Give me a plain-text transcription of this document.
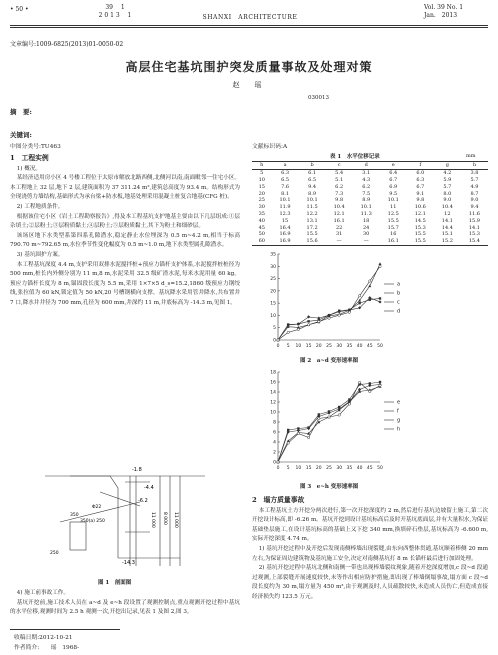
• 50 •	39　 1
2 0 1 3　 1	SHANXI　ARCHITECTURE
Vol. 39 No. 1
Jan.　2013
文章编号:1009-6825(2013)01-0050-02
高层住宅基坑围护突发质量事故及处理对策
赵　瑶
030013
摘　要:
关键词:
中图分类号:TU463	文献标识码:A
1　工程实例
1) 概况。

某经济适用房小区 4 号楼工程位于太原市解放北路西侧,北侧河以南,南面毗邻一住宅小区。本工程地上 32 层,地下 2 层,建筑面积为 37 311.24 m²,建筑总高度为 93.4 m。结构形式为全现浇剪力墙结构,基础形式为承台梁+防水板,地基处理采用混凝土桩复合地基(CFG 桩)。

2) 工程地质条件。

根据该住宅小区《岩土工程勘察报告》,得及本工程基坑支护地基主要由以下几层组成:①层杂填土;②层粉土;③层粉质黏土;④层粉土;⑤层粉质黏土,其下为粉土和细砂层。

该场区地下水类型系第四系孔隙潜水,稳定静止水位埋深为 0.5 m~4.2 m,相当于标高 790.70 m~792.65 m,水位季节性变化幅度为 0.5 m~1.0 m,地下水类型属孔隙潜水。

3) 基坑围护方案。

本工程基坑深度 4.4 m,支护采用双排水泥搅拌桩+预应力锚杆支护体系,水泥搅拌桩桩径为 500 mm,桩长内外侧分别为 11 m,8 m,水泥采用 32.5 级矿渣水泥,每米水泥用量 60 kg。预应力锚杆长度为 8 m,锚固段长度为 5.5 m,采用 1×7×5 d_s=15.2,1860 级预应力钢绞线,张拉值为 60 kN,锁定值为 50 kN,20 号槽钢横向支撑。基坑降水采用管井降水,共布置井 7 口,降水井井径为 700 mm,孔径为 600 mm,井深约 11 m,井底标高为 -14.3 m,见图 1。

-1.8
-4.4
-6.2
-14.3
350
Φ22
350(a) 250
250
11 000 8 000 11 000
图 1　剖面图
4) 施工前事故工作。

基坑开挖前,施工技术人员在 a~d 及 e~h 段设置了观测控制点,重点观测开挖过程中基坑的水平位移,观测时间为 2.5 h 观测一次,开挖出记录,见表 1 及图 2,图 3。

收稿日期:2012-10-21
作者简介:　　瑶　1968-
表 1　水平位移记录	mm
h	a	b	c	d	e	f	g	h
5	6.3	6.1	5.4	3.1	6.4	6.0	4.2	3.8
10	6.5	6.5	5.1	4.3	6.7	6.3	5.9	5.7
15	7.6	9.4	6.2	6.2	6.9	6.7	5.7	4.9
20	8.1	8.9	7.3	7.5	9.5	9.1	8.0	8.7
25	10.1	10.1	9.8	8.9	10.1	9.8	9.0	9.0
30	11.9	11.5	10.4	10.1	11	10.6	10.4	9.4
35	12.3	12.2	12.1	11.3	12.5	12.1	12	11.6
40	15	13.1	16.1	18	15.5	14.5	14.1	15.9
45	16.4	17.2	22	24	15.7	15.3	14.4	14.1
50	16.9	15.5	31	30	16	15.5	15.1	15.3
60	16.9	15.6	—	—	16.1	15.5	15.2	15.4
0
5
10
15
20
25
30
35
0 5 10 15 20 25 30 35 40 45 50
a
b
c
d
图 2　a~d 变形速率图
0
2
4
6
8
10
12
14
16
18
0 5 10 15 20 25 30 35 40 45 50
e
f
g
h
图 3　e~h 变形速率图
2　塌方质量事故

本工程基坑土方开挖分两次进行,第一次开挖深度约 2 m,然后进行基坑边坡留土施工,第二次开挖设计标高,即 -6.26 m。基坑开挖到设计基坑标高后及时开基坑底面层,并有大量积水,为保证基础垫层施工,在设计基坑标高的基础上又下挖 340 mm,换填碎石垫层,基坑标高为 -6.600 m,实际开挖深度 4.74 m。

1) 基坑开挖过程中及开挖后发现南侧棒墙出现裂缝,由东向西整体贯通,基坑顺着棒侧 20 mm 左右,为保证周边建筑物及基坑施工安全,决定对南侧基坑打 8 m 长锚杆最后进行加固处理。

2) 基坑开挖过程中基坑北侧和南侧一带也出现棒墙裂纹现象,随着开挖深度增加,c 段~d 段通过观测,上部裂缝开展速度较快,未等作出相应防护措施,即出现了棒墙倒塌事故,塌方面 c 段~d 段长度约为 30 m,塌方量为 450 m³,由于观测及时,人员疏散较快,未造成人员伤亡,但造成直接经济损失约 123.5 万元。
